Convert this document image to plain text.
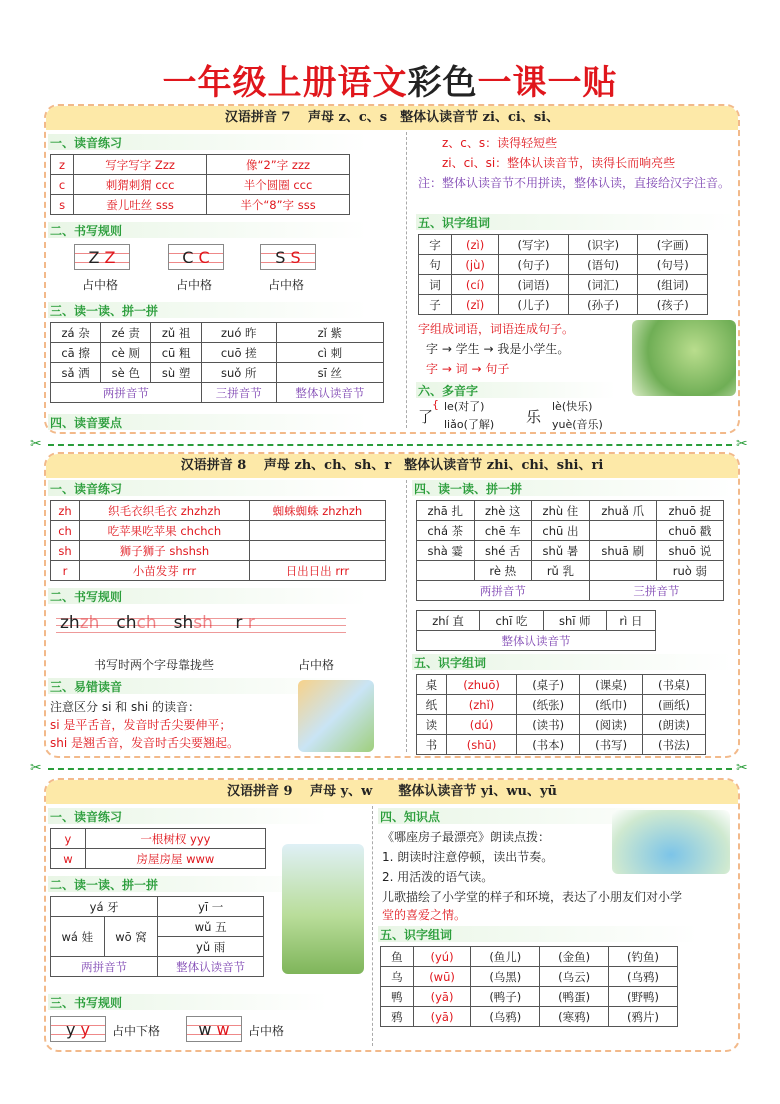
一年级上册语文彩色一课一贴
汉语拼音 7　 声母 z、c、s　整体认读音节 zi、ci、si、
一、读音练习
z	写字写字 Zzz	像“2”字 zzz
c	刺猬刺猬 ccc	半个圆圈 ccc
s	蚕儿吐丝 sss	半个“8”字 sss
二、书写规则
Z Z
占中格
C C
占中格
S S
占中格
三、读一读、拼一拼
zá 杂	zé 责	zǔ 祖	zuó 昨	zǐ 紫
cā 擦	cè 厕	cū 粗	cuō 搓	cì 刺
sǎ 洒	sè 色	sù 塑	suǒ 所	sī 丝
两拼音节			三拼音节	整体认读音节
四、读音要点
z、c、s：读得轻短些
zi、ci、si：整体认读音节，读得长而响亮些
注：整体认读音节不用拼读，整体认读，直接给汉字注音。
五、识字组词
字	(zì)	(写字)	(识字)	(字画)
句	(jù)	(句子)	(语句)	(句号)
词	(cí)	(词语)	(词汇)	(组词)
子	(zǐ)	(儿子)	(孙子)	(孩子)
字组成词语，词语连成句子。
字 → 学生 → 我是小学生。
字 → 词 → 句子
六、多音字
了
{ le(对了)
liǎo(了解) 乐
lè(快乐)
yuè(音乐)
✂	✂
汉语拼音 8　 声母 zh、ch、sh、r　整体认读音节 zhi、chi、shi、ri
一、读音练习
zh	织毛衣织毛衣 zhzhzh	蜘蛛蜘蛛 zhzhzh
ch	吃苹果吃苹果 chchch	
sh	狮子狮子 shshsh	
r	小苗发芽 rrr	日出日出 rrr
二、书写规则
zhzh　 chch　 shsh　 r r
书写时两个字母靠拢些	占中格
三、易错读音
注意区分 si 和 shi 的读音：
si 是平舌音，发音时舌尖要伸平；
shi 是翘舌音，发音时舌尖要翘起。
四、读一读、拼一拼
zhā 扎	zhè 这	zhù 住	zhuǎ 爪	zhuō 捉
chá 茶	chē 车	chū 出		chuō 戳
shà 霎	shé 舌	shǔ 暑	shuā 刷	shuō 说
	rè 热	rǔ 乳		ruò 弱
两拼音节			三拼音节	
zhí 直	chī 吃	shī 师	rì 日
整体认读音节
五、识字组词
桌	(zhuō)	(桌子)	(课桌)	(书桌)
纸	(zhǐ)	(纸张)	(纸巾)	(画纸)
读	(dú)	(读书)	(阅读)	(朗读)
书	(shū)	(书本)	(书写)	(书法)
✂	✂
汉语拼音 9　 声母 y、w　　整体认读音节 yi、wu、yū
一、读音练习
y	一根树杈 yyy
w	房屋房屋 www
二、读一读、拼一拼
yá 牙		yī 一
wá 娃	wō 窝	wǔ 五
		yǔ 雨
两拼音节		整体认读音节
三、书写规则
y y	占中下格	w w	占中格
四、知识点
《哪座房子最漂亮》朗读点拨：
1. 朗读时注意停顿，读出节奏。
2. 用活泼的语气读。
儿歌描绘了小学堂的样子和环境，表达了小朋友们对小学
堂的喜爱之情。
五、识字组词
鱼	(yú)	(鱼儿)	(金鱼)	(钓鱼)
乌	(wū)	(乌黑)	(乌云)	(乌鸦)
鸭	(yā)	(鸭子)	(鸭蛋)	(野鸭)
鸦	(yā)	(乌鸦)	(寒鸦)	(鸦片)
